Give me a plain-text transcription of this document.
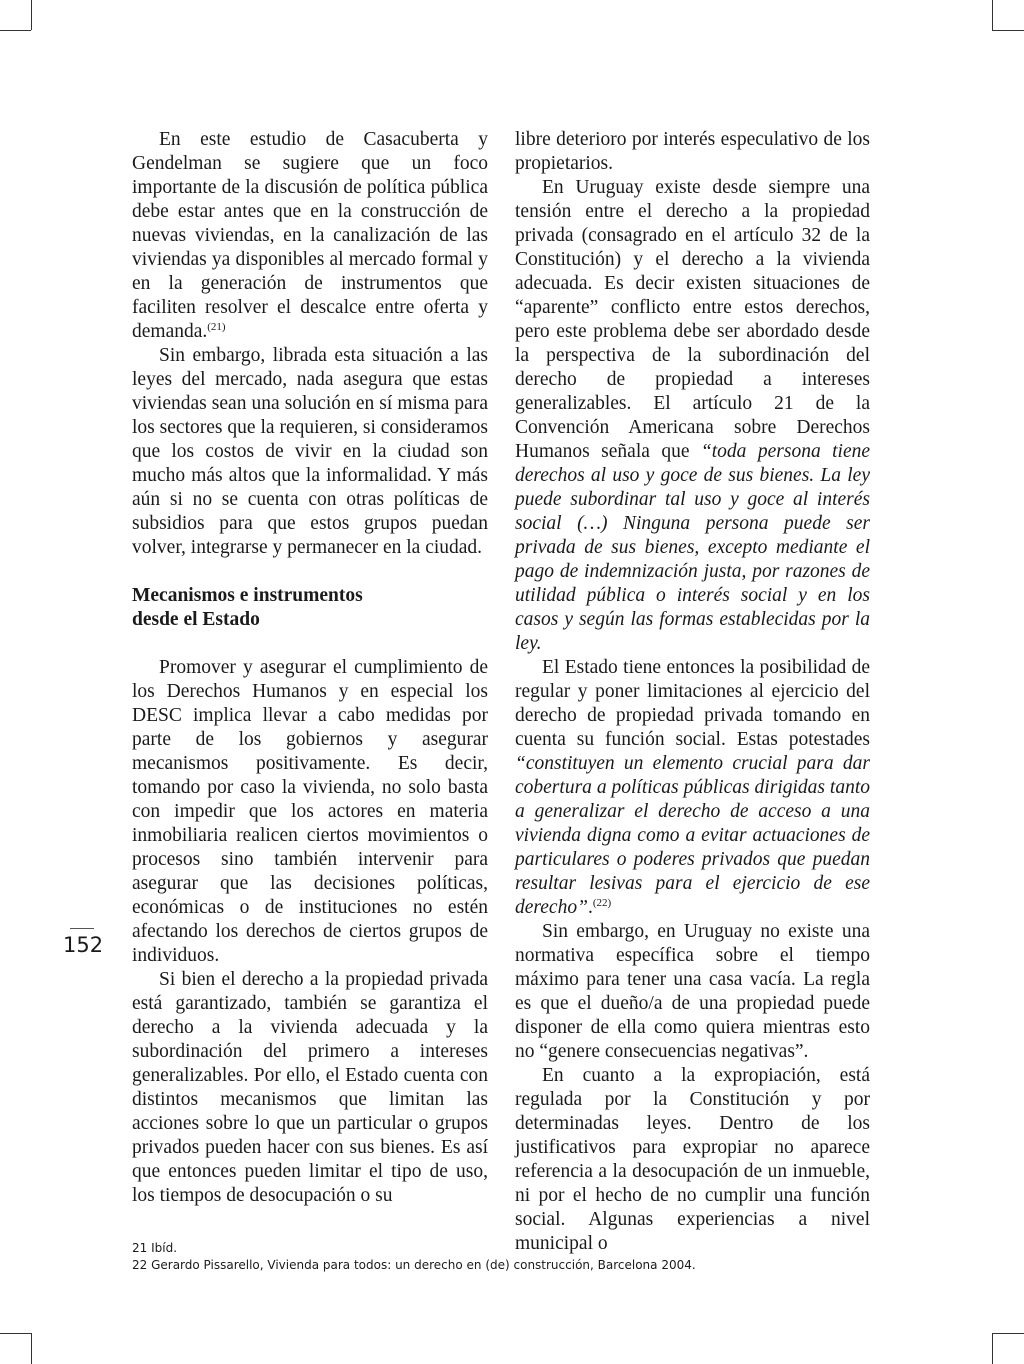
En este estudio de Casacuberta y Gendelman se sugiere que un foco importante de la discusión de política pública debe estar antes que en la construcción de nuevas viviendas, en la canalización de las viviendas ya disponibles al mercado formal y en la generación de instrumentos que faciliten resolver el descalce entre oferta y demanda.$^{(21)}$

Sin embargo, librada esta situación a las leyes del mercado, nada asegura que estas viviendas sean una solución en sí misma para los sectores que la requieren, si consideramos que los costos de vivir en la ciudad son mucho más altos que la informalidad. Y más aún si no se cuenta con otras políticas de subsidios para que estos grupos puedan volver, integrarse y permanecer en la ciudad.

Mecanismos e instrumentos
desde el Estado

Promover y asegurar el cumplimiento de los Derechos Humanos y en especial los DESC implica llevar a cabo medidas por parte de los gobiernos y asegurar mecanismos positivamente. Es decir, tomando por caso la vivienda, no solo basta con impedir que los actores en materia inmobiliaria realicen ciertos movimientos o procesos sino también intervenir para asegurar que las decisiones políticas, económicas o de instituciones no estén afectando los derechos de ciertos grupos de individuos.

Si bien el derecho a la propiedad privada está garantizado, también se garantiza el derecho a la vivienda adecuada y la subordinación del primero a intereses generalizables. Por ello, el Estado cuenta con distintos mecanismos que limitan las acciones sobre lo que un particular o grupos privados pueden hacer con sus bienes. Es así que entonces pueden limitar el tipo de uso, los tiempos de desocupación o su

libre deterioro por interés especulativo de los propietarios.

En Uruguay existe desde siempre una tensión entre el derecho a la propiedad privada (consagrado en el artículo 32 de la Constitución) y el derecho a la vivienda adecuada. Es decir existen situaciones de “aparente” conflicto entre estos derechos, pero este problema debe ser abordado desde la perspectiva de la subordinación del derecho de propiedad a intereses generalizables. El artículo 21 de la Convención Americana sobre Derechos Humanos señala que “toda persona tiene derechos al uso y goce de sus bienes. La ley puede subordinar tal uso y goce al interés social (…) Ninguna persona puede ser privada de sus bienes, excepto mediante el pago de indemnización justa, por razones de utilidad pública o interés social y en los casos y según las formas establecidas por la ley.

El Estado tiene entonces la posibilidad de regular y poner limitaciones al ejercicio del derecho de propiedad privada tomando en cuenta su función social. Estas potestades “constituyen un elemento crucial para dar cobertura a políticas públicas dirigidas tanto a generalizar el derecho de acceso a una vivienda digna como a evitar actuaciones de particulares o poderes privados que puedan resultar lesivas para el ejercicio de ese derecho”.$^{(22)}$

Sin embargo, en Uruguay no existe una normativa específica sobre el tiempo máximo para tener una casa vacía. La regla es que el dueño/a de una propiedad puede disponer de ella como quiera mientras esto no “genere consecuencias negativas”.

En cuanto a la expropiación, está regulada por la Constitución y por determinadas leyes. Dentro de los justificativos para expropiar no aparece referencia a la desocupación de un inmueble, ni por el hecho de no cumplir una función social. Algunas experiencias a nivel municipal o

152
21 Ibíd.
22 Gerardo Pissarello, Vivienda para todos: un derecho en (de) construcción, Barcelona 2004.
